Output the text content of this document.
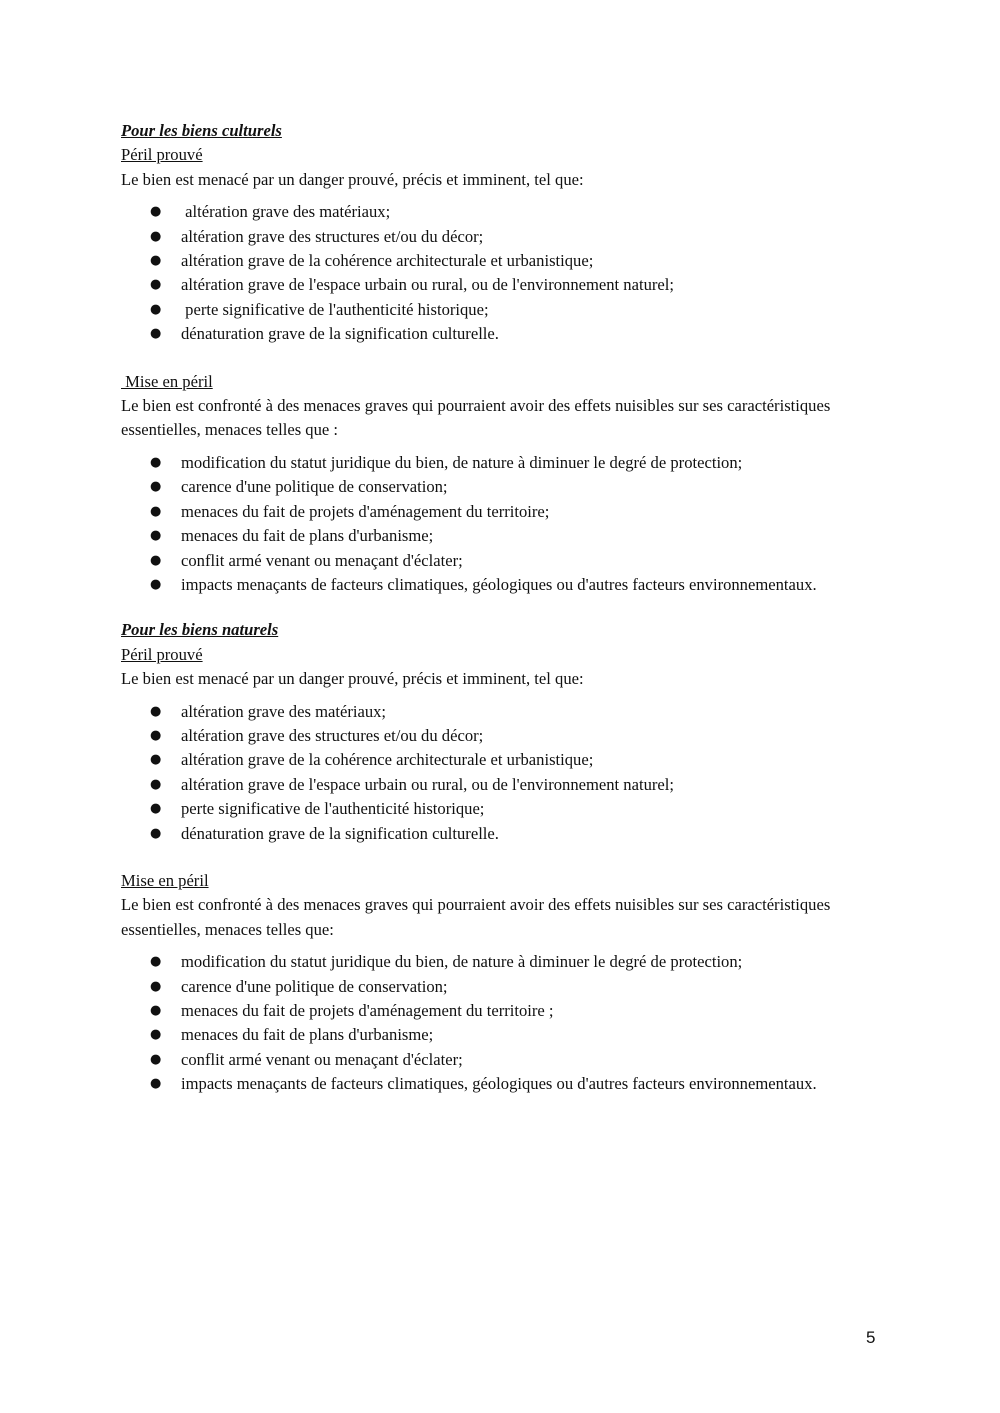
Pour les biens culturels

Péril prouvé

Le bien est menacé par un danger prouvé, précis et imminent, tel que:

● altération grave des matériaux;
● altération grave des structures et/ou du décor;
● altération grave de la cohérence architecturale et urbanistique;
● altération grave de l'espace urbain ou rural, ou de l'environnement naturel;
● perte significative de l'authenticité historique;
● dénaturation grave de la signification culturelle.

Mise en péril

Le bien est confronté à des menaces graves qui pourraient avoir des effets nuisibles sur ses caractéristiques essentielles, menaces telles que :

● modification du statut juridique du bien, de nature à diminuer le degré de protection;
● carence d'une politique de conservation;
● menaces du fait de projets d'aménagement du territoire;
● menaces du fait de plans d'urbanisme;
● conflit armé venant ou menaçant d'éclater;
● impacts menaçants de facteurs climatiques, géologiques ou d'autres facteurs environnementaux.

Pour les biens naturels

Péril prouvé

Le bien est menacé par un danger prouvé, précis et imminent, tel que:

● altération grave des matériaux;
● altération grave des structures et/ou du décor;
● altération grave de la cohérence architecturale et urbanistique;
● altération grave de l'espace urbain ou rural, ou de l'environnement naturel;
● perte significative de l'authenticité historique;
● dénaturation grave de la signification culturelle.

Mise en péril

Le bien est confronté à des menaces graves qui pourraient avoir des effets nuisibles sur ses caractéristiques essentielles, menaces telles que:

● modification du statut juridique du bien, de nature à diminuer le degré de protection;
● carence d'une politique de conservation;
● menaces du fait de projets d'aménagement du territoire ;
● menaces du fait de plans d'urbanisme;
● conflit armé venant ou menaçant d'éclater;
● impacts menaçants de facteurs climatiques, géologiques ou d'autres facteurs environnementaux.
5
